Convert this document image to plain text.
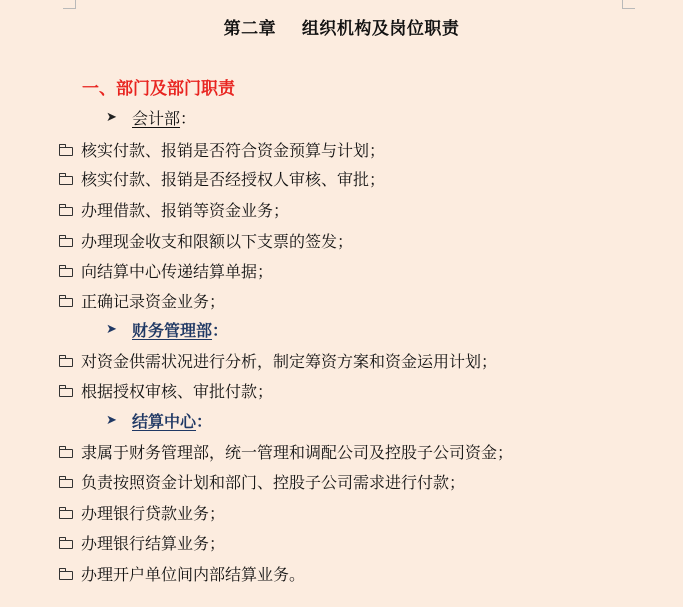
第二章    组织机构及岗位职责
一、部门及部门职责
➤ 会计部 ：
核实付款、报销是否符合资金预算与计划；
核实付款、报销是否经授权人审核、审批；
办理借款、报销等资金业务；
办理现金收支和限额以下支票的签发；
向结算中心传递结算单据；
正确记录资金业务；
➤ 财务管理部 ：
对资金供需状况进行分析，制定筹资方案和资金运用计划；
根据授权审核、审批付款；
➤ 结算中心 ：
隶属于财务管理部，统一管理和调配公司及控股子公司资金；
负责按照资金计划和部门、控股子公司需求进行付款；
办理银行贷款业务；
办理银行结算业务；
办理开户单位间内部结算业务。
